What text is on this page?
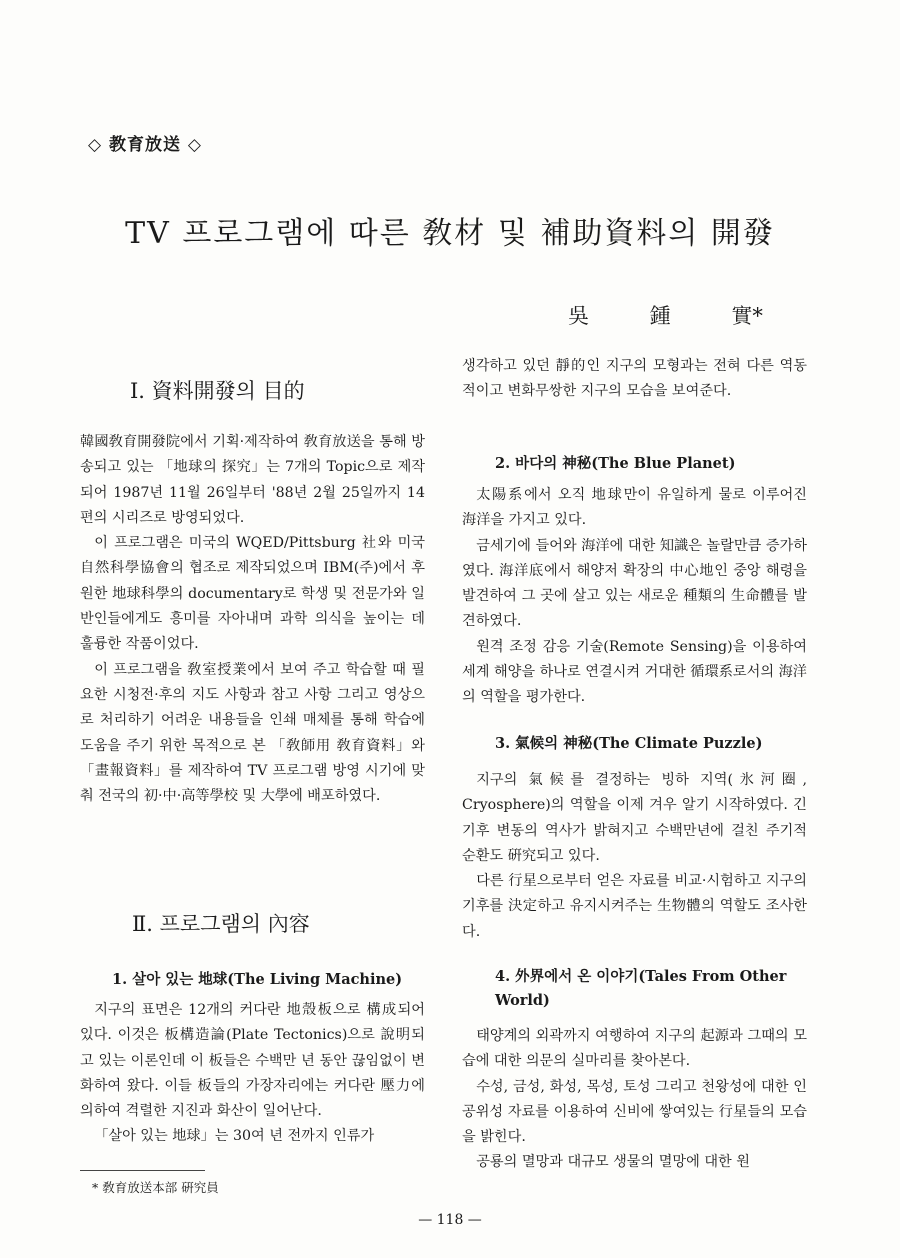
◇ 教育放送 ◇
TV 프로그램에 따른 敎材 및 補助資料의 開發
吳 鍾 實*
Ⅰ. 資料開發의 目的

韓國敎育開發院에서 기획·제작하여 敎育放送을 통해 방송되고 있는 「地球의 探究」는 7개의 Topic으로 제작되어 1987년 11월 26일부터 '88년 2월 25일까지 14편의 시리즈로 방영되었다.

이 프로그램은 미국의 WQED/Pittsburg 社와 미국 自然科學協會의 협조로 제작되었으며 IBM(주)에서 후원한 地球科學의 documentary로 학생 및 전문가와 일반인들에게도 흥미를 자아내며 과학 의식을 높이는 데 훌륭한 작품이었다.

이 프로그램을 敎室授業에서 보여 주고 학습할 때 필요한 시청전·후의 지도 사항과 참고 사항 그리고 영상으로 처리하기 어려운 내용들을 인쇄 매체를 통해 학습에 도움을 주기 위한 목적으로 본 「敎師用 敎育資料」와 「畫報資料」를 제작하여 TV 프로그램 방영 시기에 맞춰 전국의 初·中·高等學校 및 大學에 배포하였다.

Ⅱ. 프로그램의 內容
1. 살아 있는 地球(The Living Machine)

지구의 표면은 12개의 커다란 地殼板으로 構成되어 있다. 이것은 板構造論(Plate Tectonics)으로 說明되고 있는 이론인데 이 板들은 수백만 년 동안 끊임없이 변화하여 왔다. 이들 板들의 가장자리에는 커다란 壓力에 의하여 격렬한 지진과 화산이 일어난다.

「살아 있는 地球」는 30여 년 전까지 인류가

생각하고 있던 靜的인 지구의 모형과는 전혀 다른 역동적이고 변화무쌍한 지구의 모습을 보여준다.

2. 바다의 神秘(The Blue Planet)

太陽系에서 오직 地球만이 유일하게 물로 이루어진 海洋을 가지고 있다.

금세기에 들어와 海洋에 대한 知識은 놀랄만큼 증가하였다. 海洋底에서 해양저 확장의 中心地인 중앙 해령을 발견하여 그 곳에 살고 있는 새로운 種類의 生命體를 발견하였다.

원격 조정 감응 기술(Remote Sensing)을 이용하여 세계 해양을 하나로 연결시켜 거대한 循環系로서의 海洋의 역할을 평가한다.

3. 氣候의 神秘(The Climate Puzzle)

지구의 氣候를 결정하는 빙하 지역(氷河圈, Cryosphere)의 역할을 이제 겨우 알기 시작하였다. 긴 기후 변동의 역사가 밝혀지고 수백만년에 걸친 주기적 순환도 硏究되고 있다.

다른 行星으로부터 얻은 자료를 비교·시험하고 지구의 기후를 決定하고 유지시켜주는 生物體의 역할도 조사한다.

4. 外界에서 온 이야기(Tales From Other World)

태양계의 외곽까지 여행하여 지구의 起源과 그때의 모습에 대한 의문의 실마리를 찾아본다.

수성, 금성, 화성, 목성, 토성 그리고 천왕성에 대한 인공위성 자료를 이용하여 신비에 쌓여있는 行星들의 모습을 밝힌다.

공룡의 멸망과 대규모 생물의 멸망에 대한 원

* 敎育放送本部 硏究員
— 118 —
